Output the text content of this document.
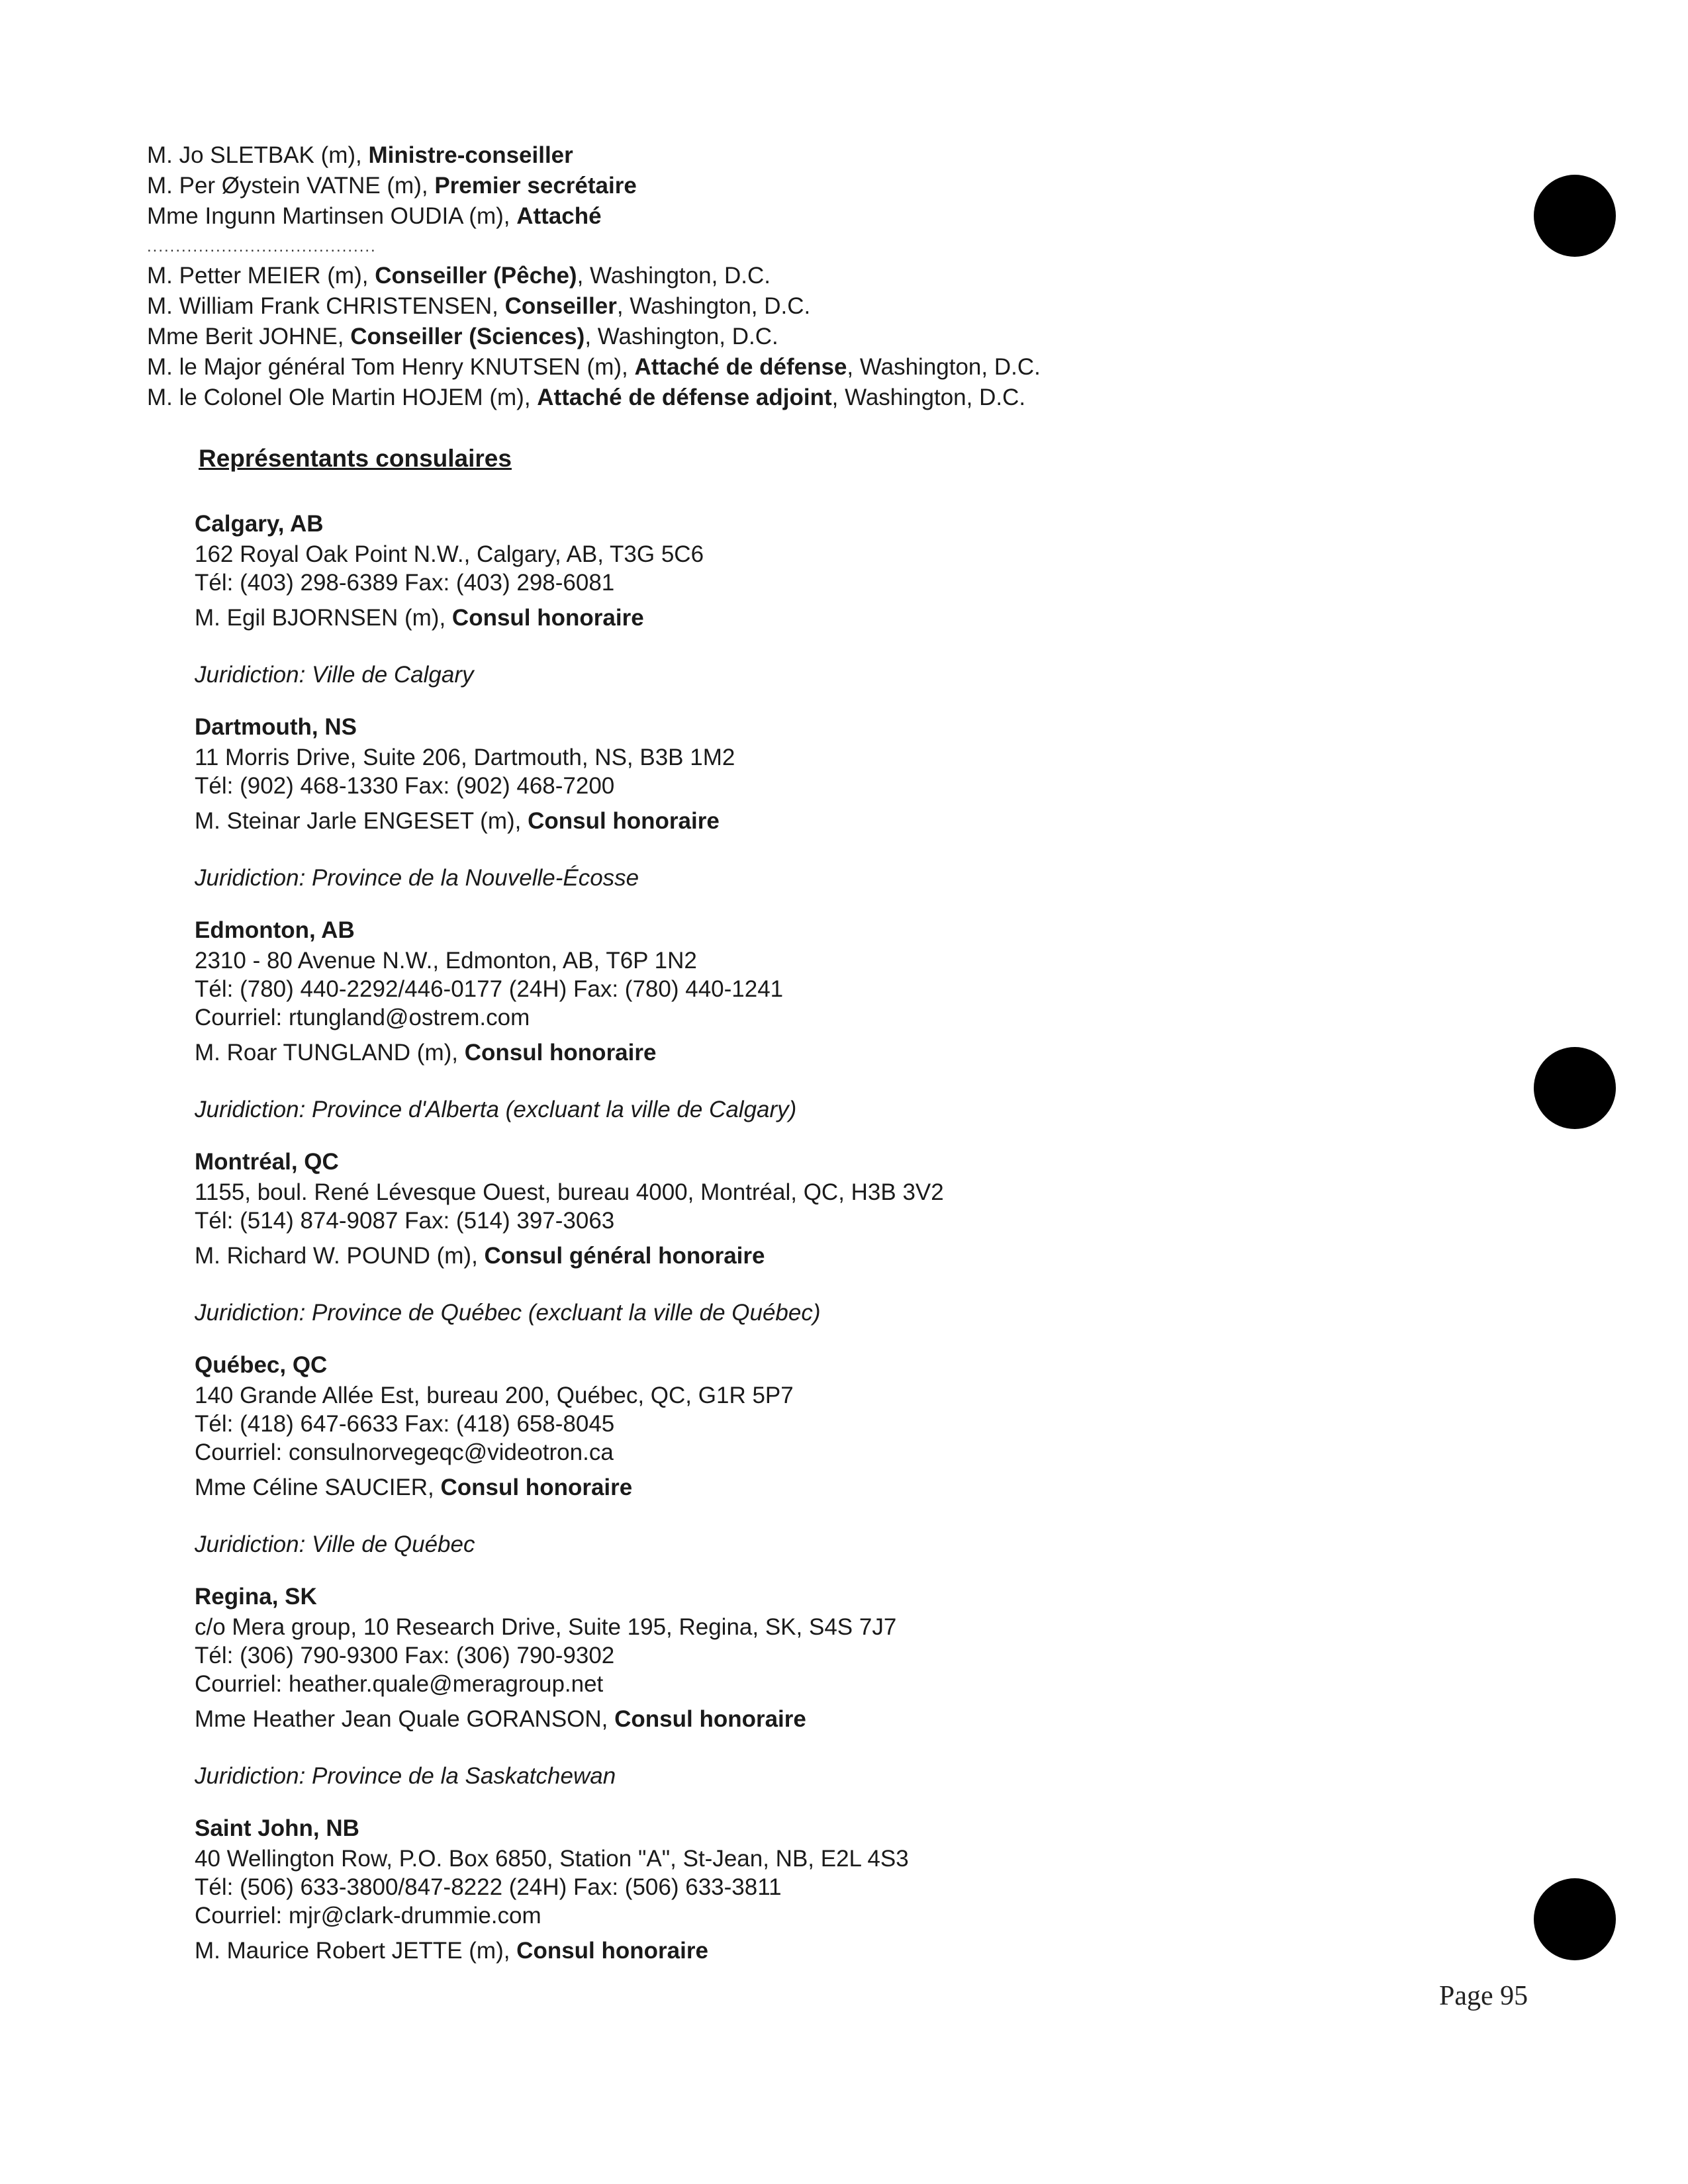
M. Jo SLETBAK (m), Ministre-conseiller
M. Per Øystein VATNE (m), Premier secrétaire
Mme Ingunn Martinsen OUDIA (m), Attaché
........................................
M. Petter MEIER (m), Conseiller (Pêche), Washington, D.C.
M. William Frank CHRISTENSEN, Conseiller, Washington, D.C.
Mme Berit JOHNE, Conseiller (Sciences), Washington, D.C.
M. le Major général Tom Henry KNUTSEN (m), Attaché de défense, Washington, D.C.
M. le Colonel Ole Martin HOJEM (m), Attaché de défense adjoint, Washington, D.C.
Représentants consulaires
Calgary, AB
162 Royal Oak Point N.W., Calgary, AB, T3G 5C6
Tél: (403) 298-6389 Fax: (403) 298-6081
M. Egil BJORNSEN (m), Consul honoraire
Juridiction: Ville de Calgary
Dartmouth, NS
11 Morris Drive, Suite 206, Dartmouth, NS, B3B 1M2
Tél: (902) 468-1330 Fax: (902) 468-7200
M. Steinar Jarle ENGESET (m), Consul honoraire
Juridiction: Province de la Nouvelle-Écosse
Edmonton, AB
2310 - 80 Avenue N.W., Edmonton, AB, T6P 1N2
Tél: (780) 440-2292/446-0177 (24H) Fax: (780) 440-1241
Courriel: rtungland@ostrem.com
M. Roar TUNGLAND (m), Consul honoraire
Juridiction: Province d'Alberta (excluant la ville de Calgary)
Montréal, QC
1155, boul. René Lévesque Ouest, bureau 4000, Montréal, QC, H3B 3V2
Tél: (514) 874-9087 Fax: (514) 397-3063
M. Richard W. POUND (m), Consul général honoraire
Juridiction: Province de Québec (excluant la ville de Québec)
Québec, QC
140 Grande Allée Est, bureau 200, Québec, QC, G1R 5P7
Tél: (418) 647-6633 Fax: (418) 658-8045
Courriel: consulnorvegeqc@videotron.ca
Mme Céline SAUCIER, Consul honoraire
Juridiction: Ville de Québec
Regina, SK
c/o Mera group, 10 Research Drive, Suite 195, Regina, SK, S4S 7J7
Tél: (306) 790-9300 Fax: (306) 790-9302
Courriel: heather.quale@meragroup.net
Mme Heather Jean Quale GORANSON, Consul honoraire
Juridiction: Province de la Saskatchewan
Saint John, NB
40 Wellington Row, P.O. Box 6850, Station "A", St-Jean, NB, E2L 4S3
Tél: (506) 633-3800/847-8222 (24H) Fax: (506) 633-3811
Courriel: mjr@clark-drummie.com
M. Maurice Robert JETTE (m), Consul honoraire
Page 95
